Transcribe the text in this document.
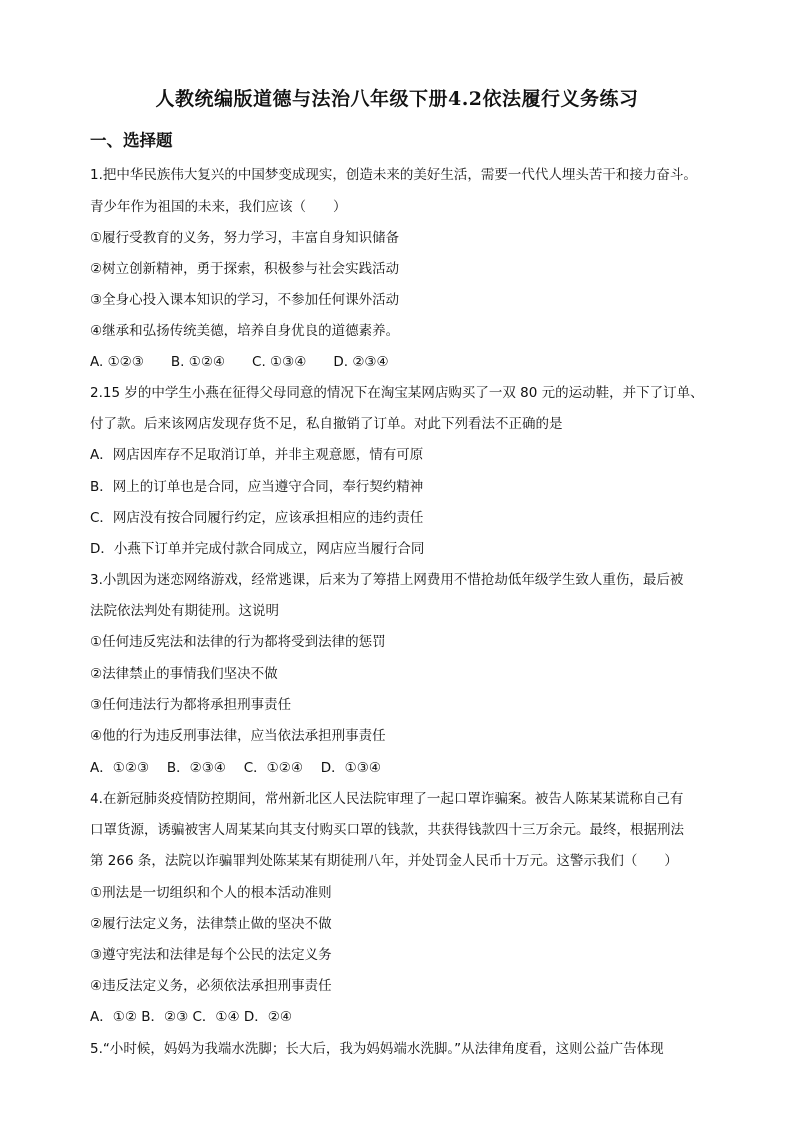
人教统编版道德与法治八年级下册4.2依法履行义务练习
一、选择题
1.把中华民族伟大复兴的中国梦变成现实，创造未来的美好生活，需要一代代人埋头苦干和接力奋斗。
青少年作为祖国的未来，我们应该（　　）
①履行受教育的义务，努力学习，丰富自身知识储备
②树立创新精神，勇于探索，积极参与社会实践活动
③全身心投入课本知识的学习，不参加任何课外活动
④继承和弘扬传统美德，培养自身优良的道德素养。
A. ①②③　　B. ①②④　　C. ①③④　　D. ②③④
2.15 岁的中学生小燕在征得父母同意的情况下在淘宝某网店购买了一双 80 元的运动鞋，并下了订单、
付了款。后来该网店发现存货不足，私自撤销了订单。对此下列看法不正确的是
A．网店因库存不足取消订单，并非主观意愿，情有可原
B．网上的订单也是合同，应当遵守合同，奉行契约精神
C．网店没有按合同履行约定，应该承担相应的违约责任
D．小燕下订单并完成付款合同成立，网店应当履行合同
3.小凯因为迷恋网络游戏，经常逃课，后来为了筹措上网费用不惜抢劫低年级学生致人重伤，最后被
法院依法判处有期徒刑。这说明
①任何违反宪法和法律的行为都将受到法律的惩罚
②法律禁止的事情我们坚决不做
③任何违法行为都将承担刑事责任
④他的行为违反刑事法律，应当依法承担刑事责任
A．①②③　 B．②③④　 C．①②④　 D．①③④
4.在新冠肺炎疫情防控期间，常州新北区人民法院审理了一起口罩诈骗案。被告人陈某某谎称自己有
口罩货源，诱骗被害人周某某向其支付购买口罩的钱款，共获得钱款四十三万余元。最终，根据刑法
第 266 条，法院以诈骗罪判处陈某某有期徒刑八年，并处罚金人民币十万元。这警示我们（　　）
①刑法是一切组织和个人的根本活动准则
②履行法定义务，法律禁止做的坚决不做
③遵守宪法和法律是每个公民的法定义务
④违反法定义务，必须依法承担刑事责任
A．①② B．②③ C．①④ D．②④
5.“小时候，妈妈为我端水洗脚；长大后，我为妈妈端水洗脚。”从法律角度看，这则公益广告体现
